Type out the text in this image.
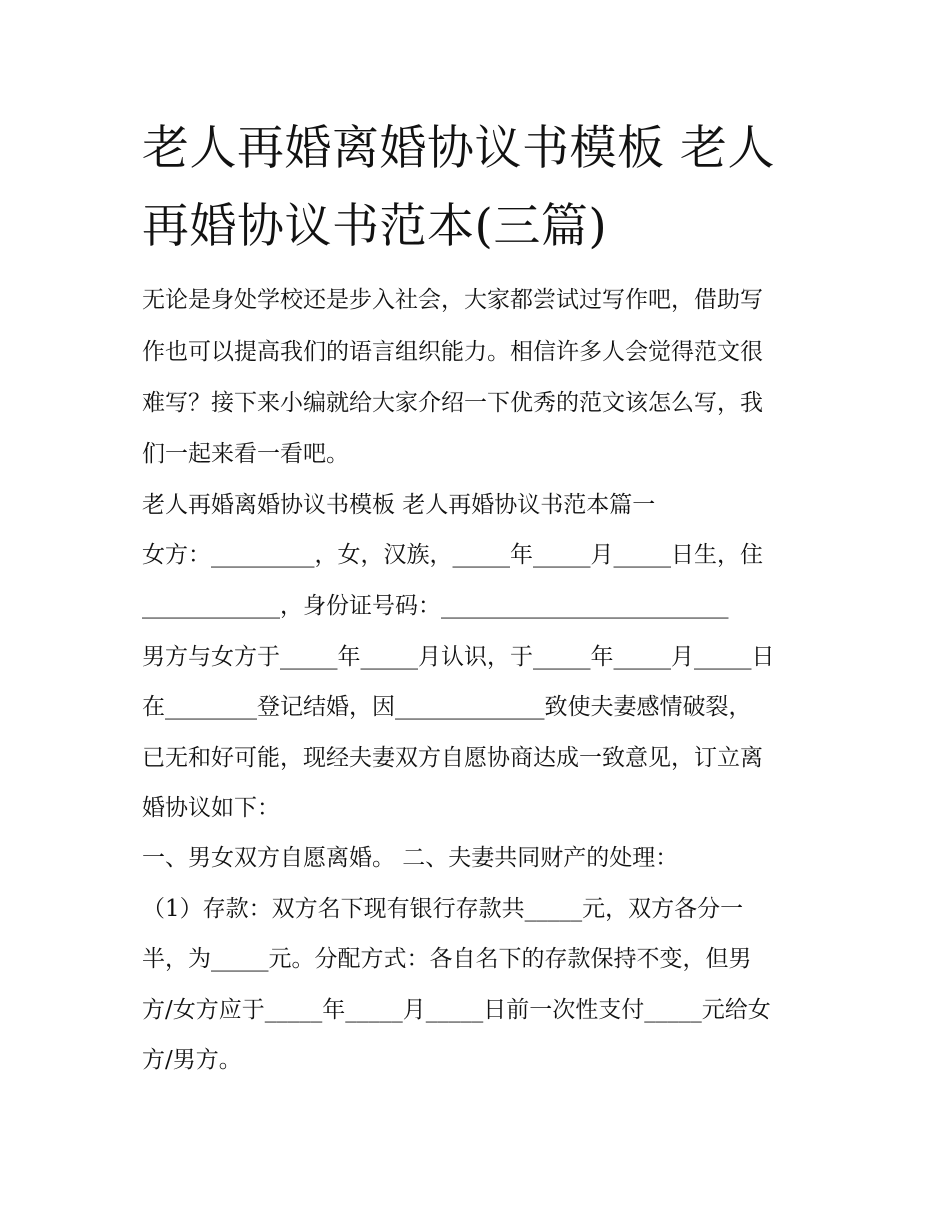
老人再婚离婚协议书模板 老人
再婚协议书范本(三篇)
无论是身处学校还是步入社会，大家都尝试过写作吧，借助写
作也可以提高我们的语言组织能力。相信许多人会觉得范文很
难写？接下来小编就给大家介绍一下优秀的范文该怎么写，我
们一起来看一看吧。
老人再婚离婚协议书模板 老人再婚协议书范本篇一
女方：_________，女，汉族，_____年_____月_____日生，住
____________，身份证号码：_________________________
男方与女方于_____年_____月认识，于_____年_____月_____日
在________登记结婚，因_____________致使夫妻感情破裂，
已无和好可能，现经夫妻双方自愿协商达成一致意见，订立离
婚协议如下：
一、男女双方自愿离婚。 二、夫妻共同财产的处理：
（1）存款：双方名下现有银行存款共_____元，双方各分一
半，为_____元。分配方式：各自名下的存款保持不变，但男
方/女方应于_____年_____月_____日前一次性支付_____元给女
方/男方。
